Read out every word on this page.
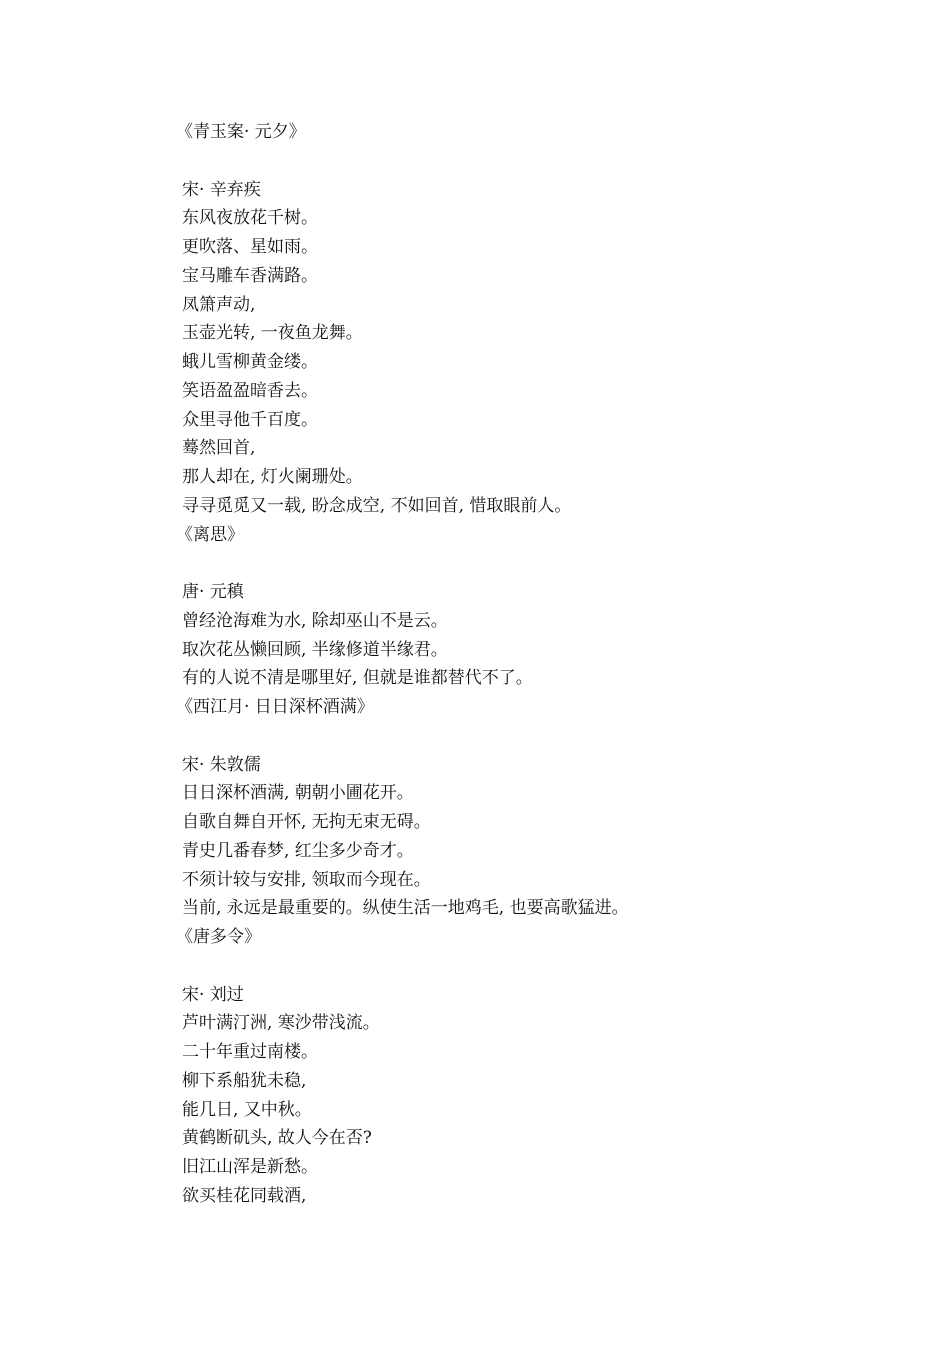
《青玉案· 元夕》
宋· 辛弃疾
东风夜放花千树。
更吹落、星如雨。
宝马雕车香满路。
凤箫声动,
玉壶光转, 一夜鱼龙舞。
蛾儿雪柳黄金缕。
笑语盈盈暗香去。
众里寻他千百度。
蓦然回首,
那人却在, 灯火阑珊处。
寻寻觅觅又一载, 盼念成空, 不如回首, 惜取眼前人。
《离思》
唐· 元稹
曾经沧海难为水, 除却巫山不是云。
取次花丛懒回顾, 半缘修道半缘君。
有的人说不清是哪里好, 但就是谁都替代不了。
《西江月· 日日深杯酒满》
宋· 朱敦儒
日日深杯酒满, 朝朝小圃花开。
自歌自舞自开怀, 无拘无束无碍。
青史几番春梦, 红尘多少奇才。
不须计较与安排, 领取而今现在。
当前, 永远是最重要的。纵使生活一地鸡毛, 也要高歌猛进。
《唐多令》
宋· 刘过
芦叶满汀洲, 寒沙带浅流。
二十年重过南楼。
柳下系船犹未稳,
能几日, 又中秋。
黄鹤断矶头, 故人今在否?
旧江山浑是新愁。
欲买桂花同载酒,
